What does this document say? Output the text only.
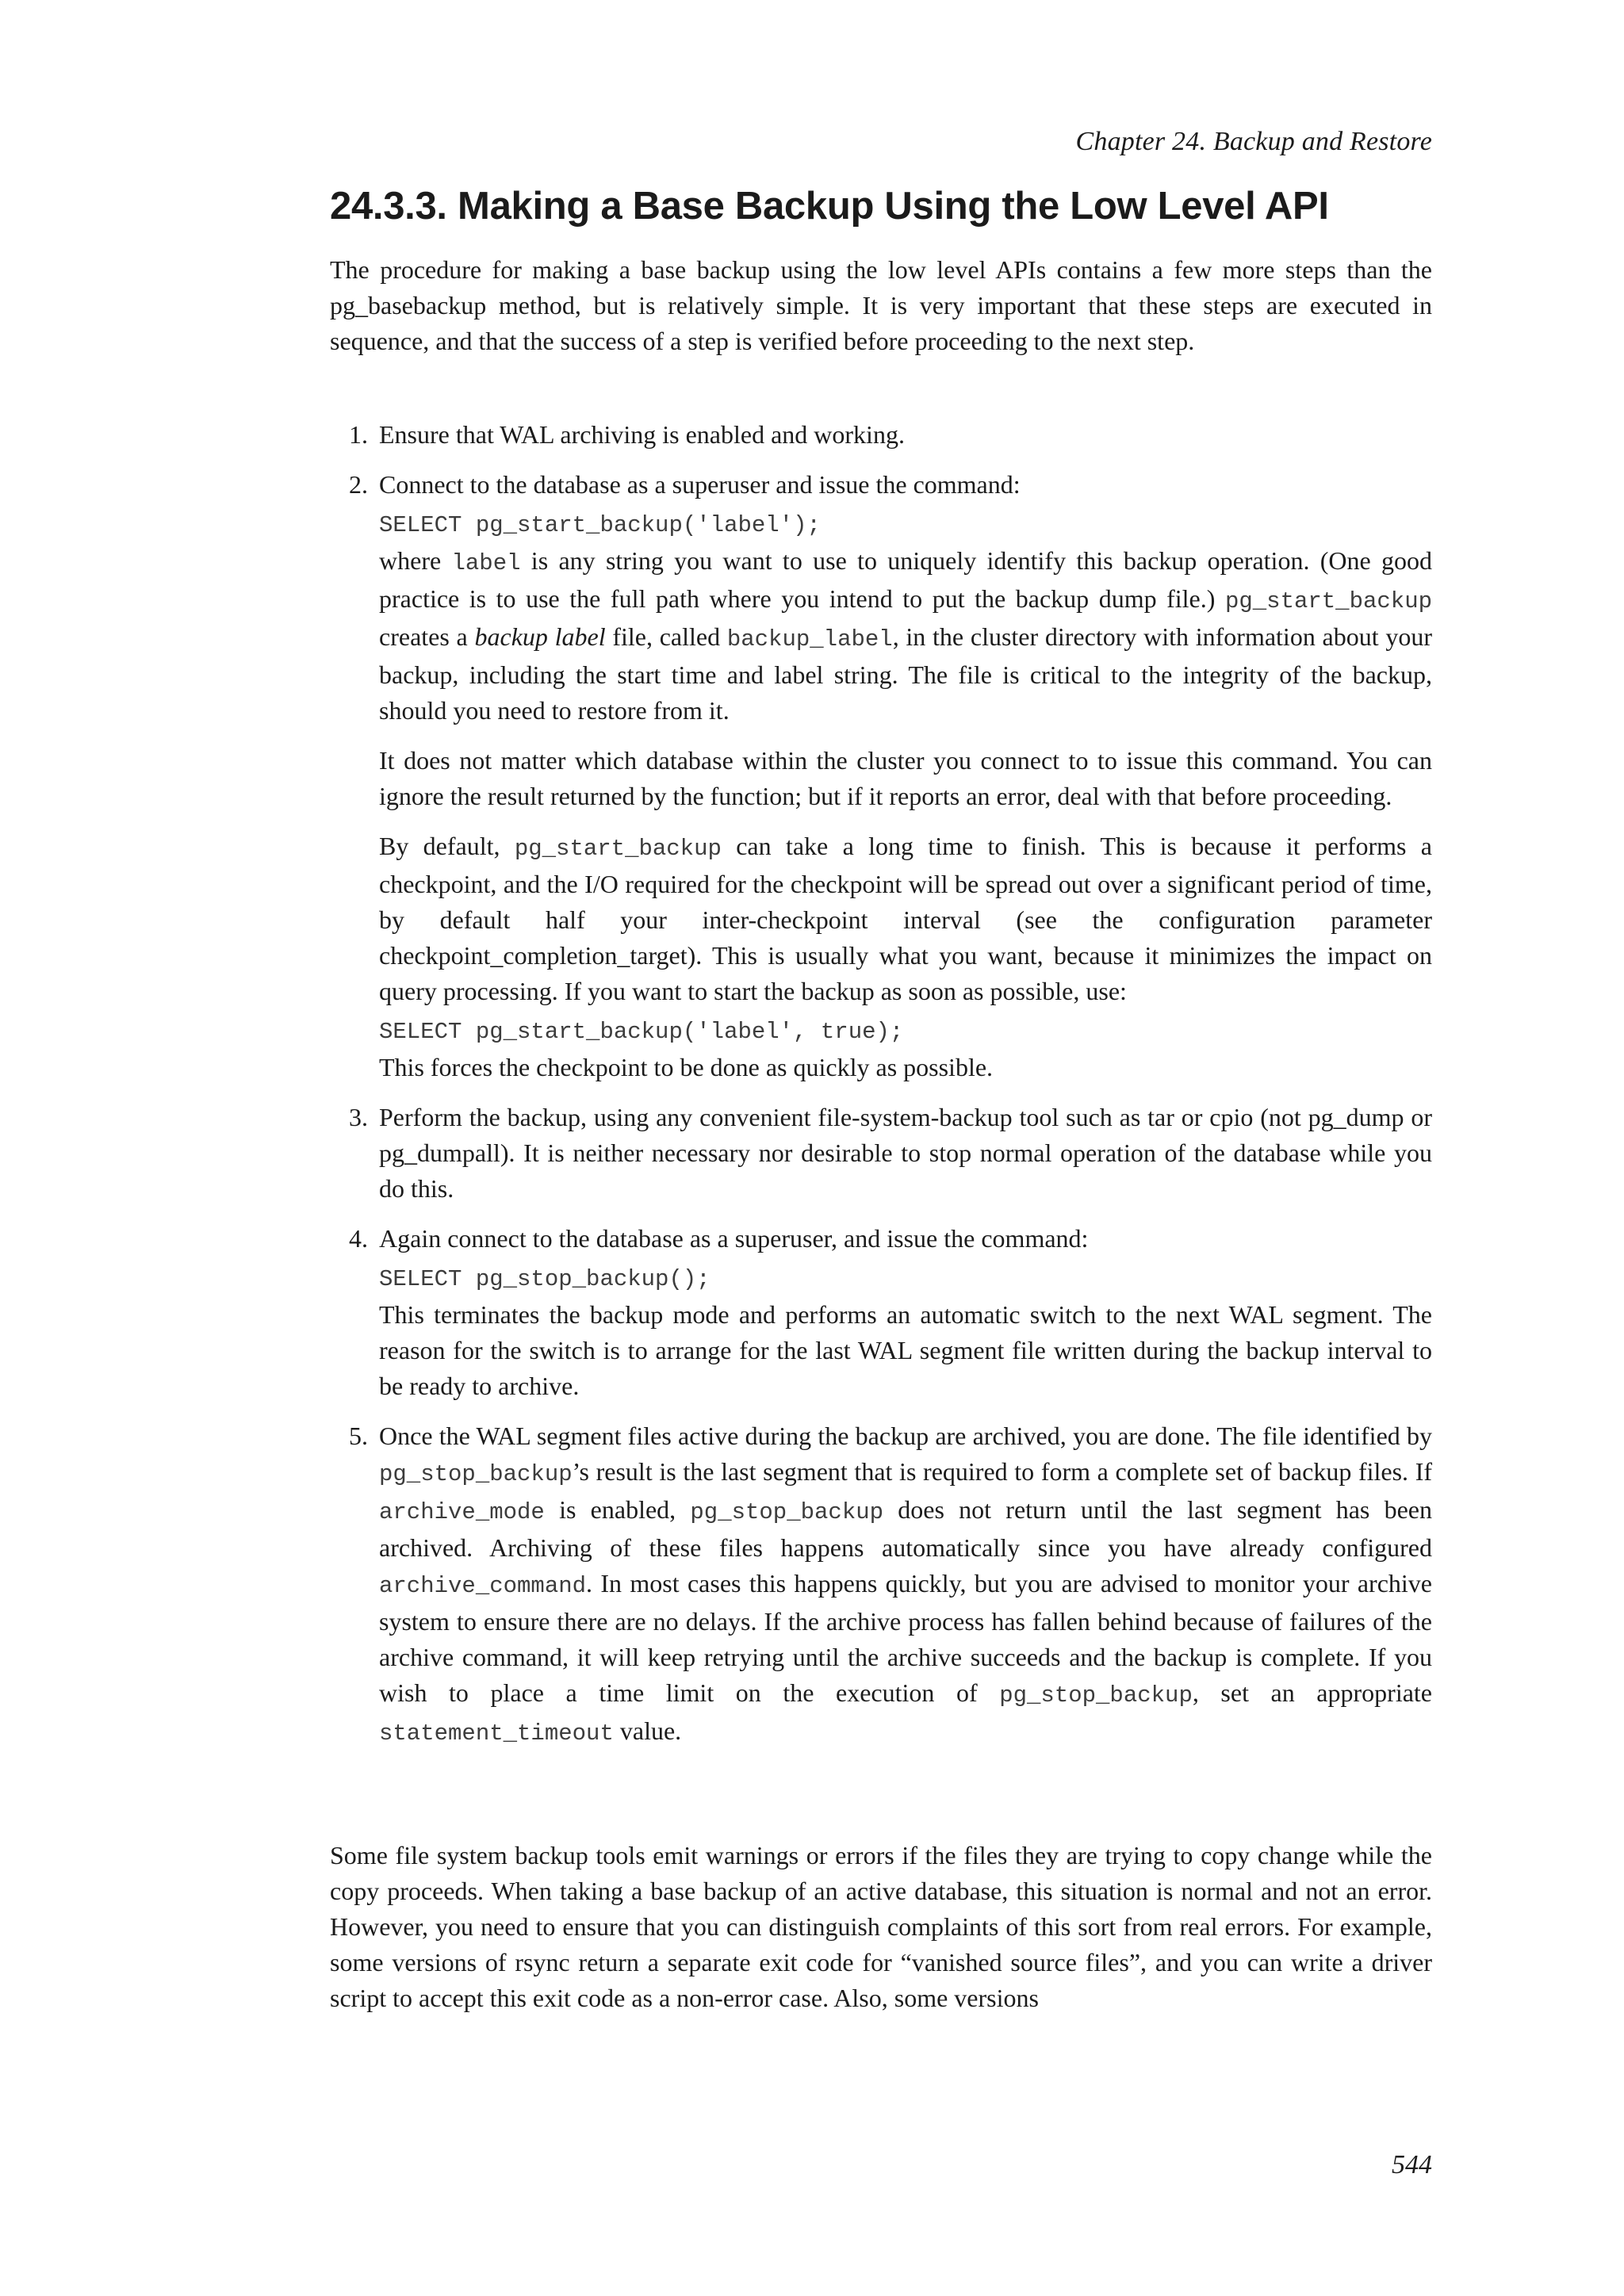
Chapter 24. Backup and Restore
24.3.3. Making a Base Backup Using the Low Level API

The procedure for making a base backup using the low level APIs contains a few more steps than the pg_basebackup method, but is relatively simple. It is very important that these steps are executed in sequence, and that the success of a step is verified before proceeding to the next step.

1. Ensure that WAL archiving is enabled and working.

2. Connect to the database as a superuser and issue the command:
SELECT pg_start_backup('label');
where label is any string you want to use to uniquely identify this backup operation. (One good practice is to use the full path where you intend to put the backup dump file.) pg_start_backup creates a backup label file, called backup_label, in the cluster directory with information about your backup, including the start time and label string. The file is critical to the integrity of the backup, should you need to restore from it.

It does not matter which database within the cluster you connect to to issue this command. You can ignore the result returned by the function; but if it reports an error, deal with that before proceeding.

By default, pg_start_backup can take a long time to finish. This is because it performs a checkpoint, and the I/O required for the checkpoint will be spread out over a significant period of time, by default half your inter-checkpoint interval (see the configuration parameter checkpoint_completion_target). This is usually what you want, because it minimizes the impact on query processing. If you want to start the backup as soon as possible, use:
SELECT pg_start_backup('label', true);
This forces the checkpoint to be done as quickly as possible.

3. Perform the backup, using any convenient file-system-backup tool such as tar or cpio (not pg_dump or pg_dumpall). It is neither necessary nor desirable to stop normal operation of the database while you do this.

4. Again connect to the database as a superuser, and issue the command:
SELECT pg_stop_backup();
This terminates the backup mode and performs an automatic switch to the next WAL segment. The reason for the switch is to arrange for the last WAL segment file written during the backup interval to be ready to archive.

5. Once the WAL segment files active during the backup are archived, you are done. The file identified by pg_stop_backup’s result is the last segment that is required to form a complete set of backup files. If archive_mode is enabled, pg_stop_backup does not return until the last segment has been archived. Archiving of these files happens automatically since you have already configured archive_command. In most cases this happens quickly, but you are advised to monitor your archive system to ensure there are no delays. If the archive process has fallen behind because of failures of the archive command, it will keep retrying until the archive succeeds and the backup is complete. If you wish to place a time limit on the execution of pg_stop_backup, set an appropriate statement_timeout value.

Some file system backup tools emit warnings or errors if the files they are trying to copy change while the copy proceeds. When taking a base backup of an active database, this situation is normal and not an error. However, you need to ensure that you can distinguish complaints of this sort from real errors. For example, some versions of rsync return a separate exit code for “vanished source files”, and you can write a driver script to accept this exit code as a non-error case. Also, some versions

544
